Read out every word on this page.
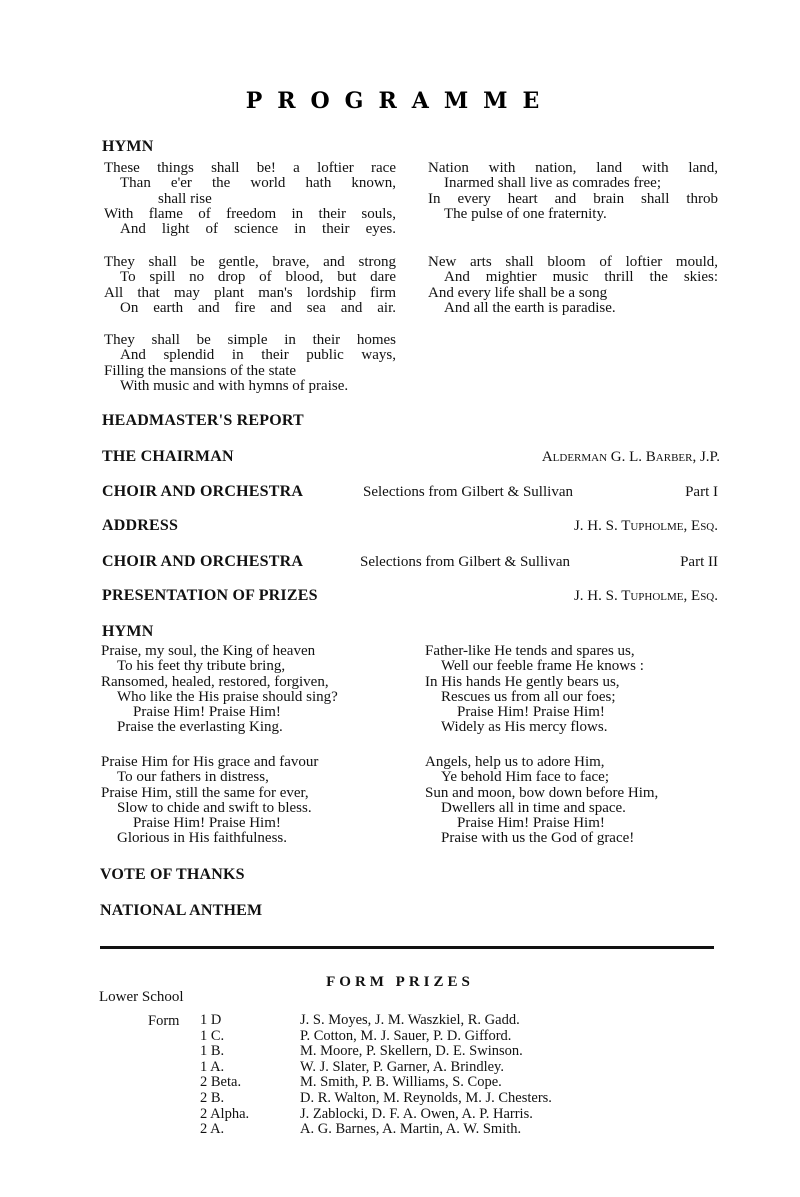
PROGRAMME
HYMN
These things shall be! a loftier race
Than e'er the world hath known,
shall rise
With flame of freedom in their souls,
And light of science in their eyes.
They shall be gentle, brave, and strong
To spill no drop of blood, but dare
All that may plant man's lordship firm
On earth and fire and sea and air.
They shall be simple in their homes
And splendid in their public ways,
Filling the mansions of the state
With music and with hymns of praise.
Nation with nation, land with land,
Inarmed shall live as comrades free;
In every heart and brain shall throb
The pulse of one fraternity.
New arts shall bloom of loftier mould,
And mightier music thrill the skies:
And every life shall be a song
And all the earth is paradise.
HEADMASTER'S REPORT
THE CHAIRMAN	Alderman G. L. Barber, J.P.
CHOIR AND ORCHESTRA	Selections from Gilbert & Sullivan	Part I
ADDRESS	J. H. S. Tupholme, Esq.
CHOIR AND ORCHESTRA	Selections from Gilbert & Sullivan	Part II
PRESENTATION OF PRIZES	J. H. S. Tupholme, Esq.
HYMN
Praise, my soul, the King of heaven
To his feet thy tribute bring,
Ransomed, healed, restored, forgiven,
Who like the His praise should sing?
Praise Him! Praise Him!
Praise the everlasting King.
Praise Him for His grace and favour
To our fathers in distress,
Praise Him, still the same for ever,
Slow to chide and swift to bless.
Praise Him! Praise Him!
Glorious in His faithfulness.
Father-like He tends and spares us,
Well our feeble frame He knows :
In His hands He gently bears us,
Rescues us from all our foes;
Praise Him! Praise Him!
Widely as His mercy flows.
Angels, help us to adore Him,
Ye behold Him face to face;
Sun and moon, bow down before Him,
Dwellers all in time and space.
Praise Him! Praise Him!
Praise with us the God of grace!
VOTE OF THANKS
NATIONAL ANTHEM
FORM PRIZES
Lower School
Form 1 D	J. S. Moyes, J. M. Waszkiel, R. Gadd.
1 C.	P. Cotton, M. J. Sauer, P. D. Gifford.
1 B.	M. Moore, P. Skellern, D. E. Swinson.
1 A.	W. J. Slater, P. Garner, A. Brindley.
2 Beta.	M. Smith, P. B. Williams, S. Cope.
2 B.	D. R. Walton, M. Reynolds, M. J. Chesters.
2 Alpha.	J. Zablocki, D. F. A. Owen, A. P. Harris.
2 A.	A. G. Barnes, A. Martin, A. W. Smith.
